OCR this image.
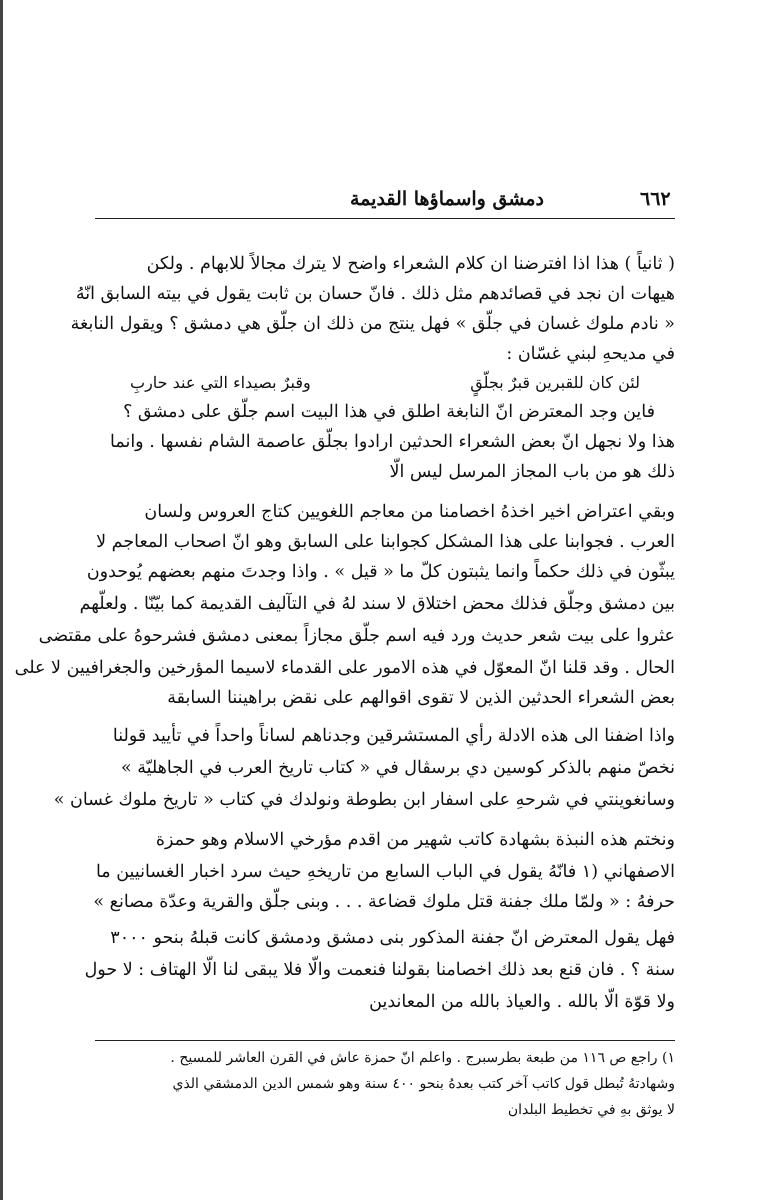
دمشق واسماؤها القديمة	٦٦٢
( ثانياً ) هذا اذا افترضنا ان كلام الشعراء واضح لا يترك مجالاً للابهام . ولكن
هيهات ان نجد في قصائدهم مثل ذلك . فانّ حسان بن ثابت يقول في بيته السابق انّهُ
« نادم ملوك غسان في جلّق » فهل ينتج من ذلك ان جلّق هي دمشق ؟ ويقول النابغة
في مديحهِ لبني غسّان :
لئن كان للقبرين قبرٌ بجلّقٍ
وقبرٌ بصيداء التي عند حاربِ
فاين وجد المعترض انّ النابغة اطلق في هذا البيت اسم جلّق على دمشق ؟
هذا ولا نجهل انّ بعض الشعراء الحدثين ارادوا بجلّق عاصمة الشام نفسها . وانما
ذلك هو من باب المجاز المرسل ليس الّا
وبقي اعتراض اخير اخذهُ اخصامنا من معاجم اللغويين كتاج العروس ولسان
العرب . فجوابنا على هذا المشكل كجوابنا على السابق وهو انّ اصحاب المعاجم لا
يبثّون في ذلك حكماً وانما يثبتون كلّ ما « قيل » . واذا وجدتَ منهم بعضهم يُوحدون
بين دمشق وجلّق فذلك محض اختلاق لا سند لهُ في التآليف القديمة كما بيّنّا . ولعلّهم
عثروا على بيت شعر حديث ورد فيه اسم جلّق مجازاً بمعنى دمشق فشرحوهُ على مقتضى
الحال . وقد قلنا انّ المعوّل في هذه الامور على القدماء لاسيما المؤرخين والجغرافيين لا على
بعض الشعراء الحدثين الذين لا تقوى اقوالهم على نقض براهيننا السابقة
واذا اضفنا الى هذه الادلة رأي المستشرقين وجدناهم لساناً واحداً في تأييد قولنا
نخصّ منهم بالذكر كوسين دي برسڤال في « كتاب تاريخ العرب في الجاهليّة »
وسانغوينتي في شرحهِ على اسفار ابن بطوطة ونولدك في كتاب « تاريخ ملوك غسان »
ونختم هذه النبذة بشهادة كاتب شهير من اقدم مؤرخي الاسلام وهو حمزة
الاصفهاني (١ فانّهُ يقول في الباب السابع من تاريخهِ حيث سرد اخبار الغسانيين ما
حرفهُ : « ولمّا ملك جفنة قتل ملوك قضاعة . . . وبنى جلّق والقرية وعدّة مصانع »
فهل يقول المعترض انّ جفنة المذكور بنى دمشق ودمشق كانت قبلهُ بنحو ٣٠٠٠
سنة ؟ . فان قنع بعد ذلك اخصامنا بقولنا فنعمت والّا فلا يبقى لنا الّا الهتاف : لا حول
ولا قوّة الّا بالله . والعياذ بالله من المعاندين
١) راجع ص ١١٦ من طبعة بطرسبرج . واعلم انّ حمزة عاش في القرن العاشر للمسيح .
وشهادتهُ تُبطل قول كاتب آخر كتب بعدهُ بنحو ٤٠٠ سنة وهو شمس الدين الدمشقي الذي
لا يوثق بهِ في تخطيط البلدان
